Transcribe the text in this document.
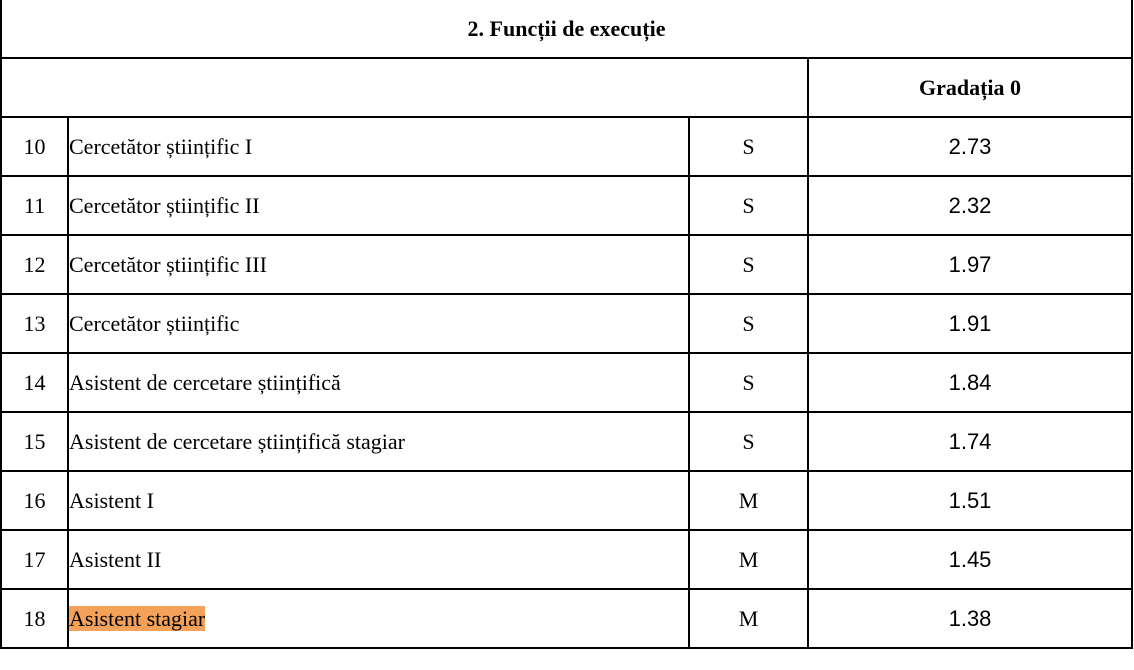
2. Funcții de execuție			
			Gradația 0
10	Cercetător științific I	S	2.73
11	Cercetător științific II	S	2.32
12	Cercetător științific III	S	1.97
13	Cercetător științific	S	1.91
14	Asistent de cercetare științifică	S	1.84
15	Asistent de cercetare științifică stagiar	S	1.74
16	Asistent I	M	1.51
17	Asistent II	M	1.45
18	Asistent stagiar	M	1.38
